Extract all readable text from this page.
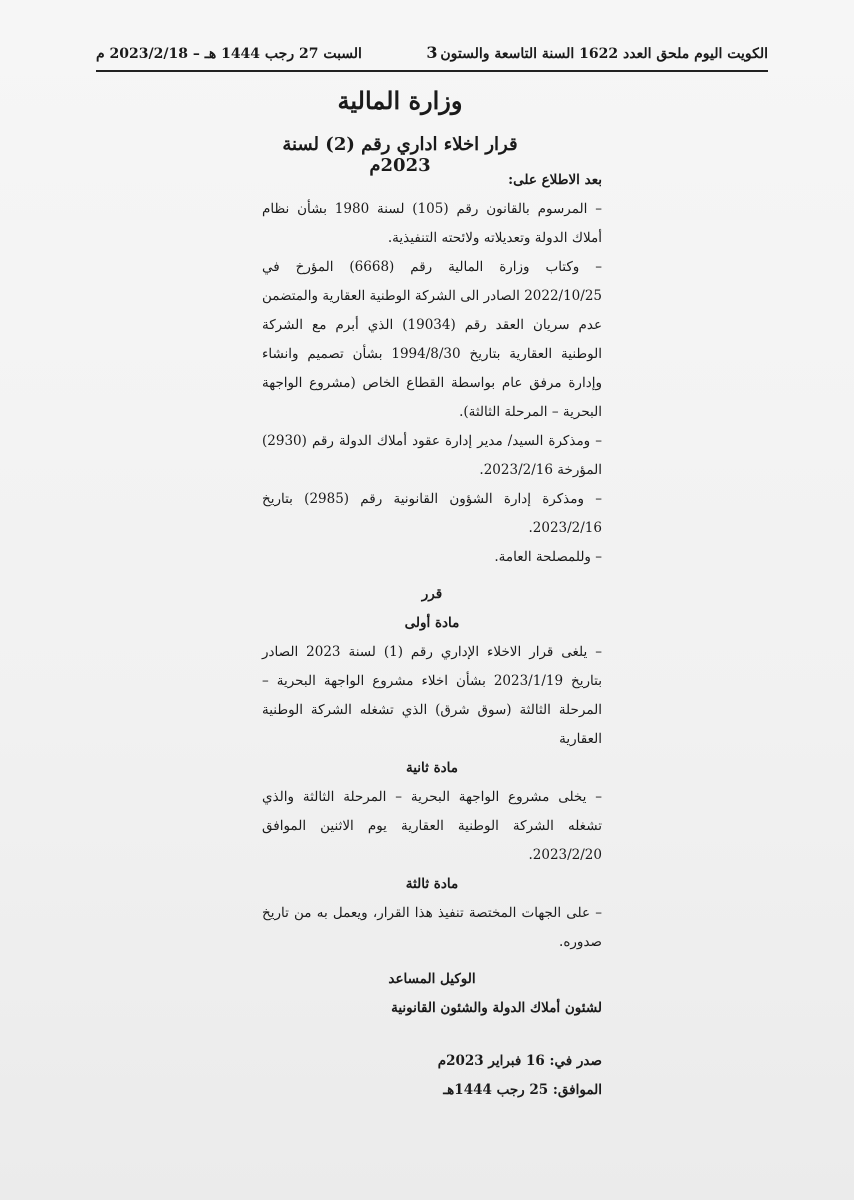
الكويت اليوم ملحق العدد 1622 السنة التاسعة والستون
3
السبت 27 رجب 1444 هـ – 2023/2/18 م
وزارة المالية
قرار اخلاء اداري رقم (2) لسنة 2023م

بعد الاطلاع على:

– المرسوم بالقانون رقم (105) لسنة 1980 بشأن نظام أملاك الدولة وتعديلاته ولائحته التنفيذية.

– وكتاب وزارة المالية رقم (6668) المؤرخ في 2022/10/25 الصادر الى الشركة الوطنية العقارية والمتضمن عدم سريان العقد رقم (19034) الذي أبرم مع الشركة الوطنية العقارية بتاريخ 1994/8/30 بشأن تصميم وانشاء وإدارة مرفق عام بواسطة القطاع الخاص (مشروع الواجهة البحرية – المرحلة الثالثة).

– ومذكرة السيد/ مدير إدارة عقود أملاك الدولة رقم (2930) المؤرخة 2023/2/16.

– ومذكرة إدارة الشؤون القانونية رقم (2985) بتاريخ 2023/2/16.

– وللمصلحة العامة.

قرر

مادة أولى

– يلغى قرار الاخلاء الإداري رقم (1) لسنة 2023 الصادر بتاريخ 2023/1/19 بشأن اخلاء مشروع الواجهة البحرية – المرحلة الثالثة (سوق شرق) الذي تشغله الشركة الوطنية العقارية

مادة ثانية

– يخلى مشروع الواجهة البحرية – المرحلة الثالثة والذي تشغله الشركة الوطنية العقارية يوم الاثنين الموافق 2023/2/20.

مادة ثالثة

– على الجهات المختصة تنفيذ هذا القرار، ويعمل به من تاريخ صدوره.

الوكيل المساعد

لشئون أملاك الدولة والشئون القانونية

صدر في: 16 فبراير 2023م

الموافق: 25 رجب 1444هـ
